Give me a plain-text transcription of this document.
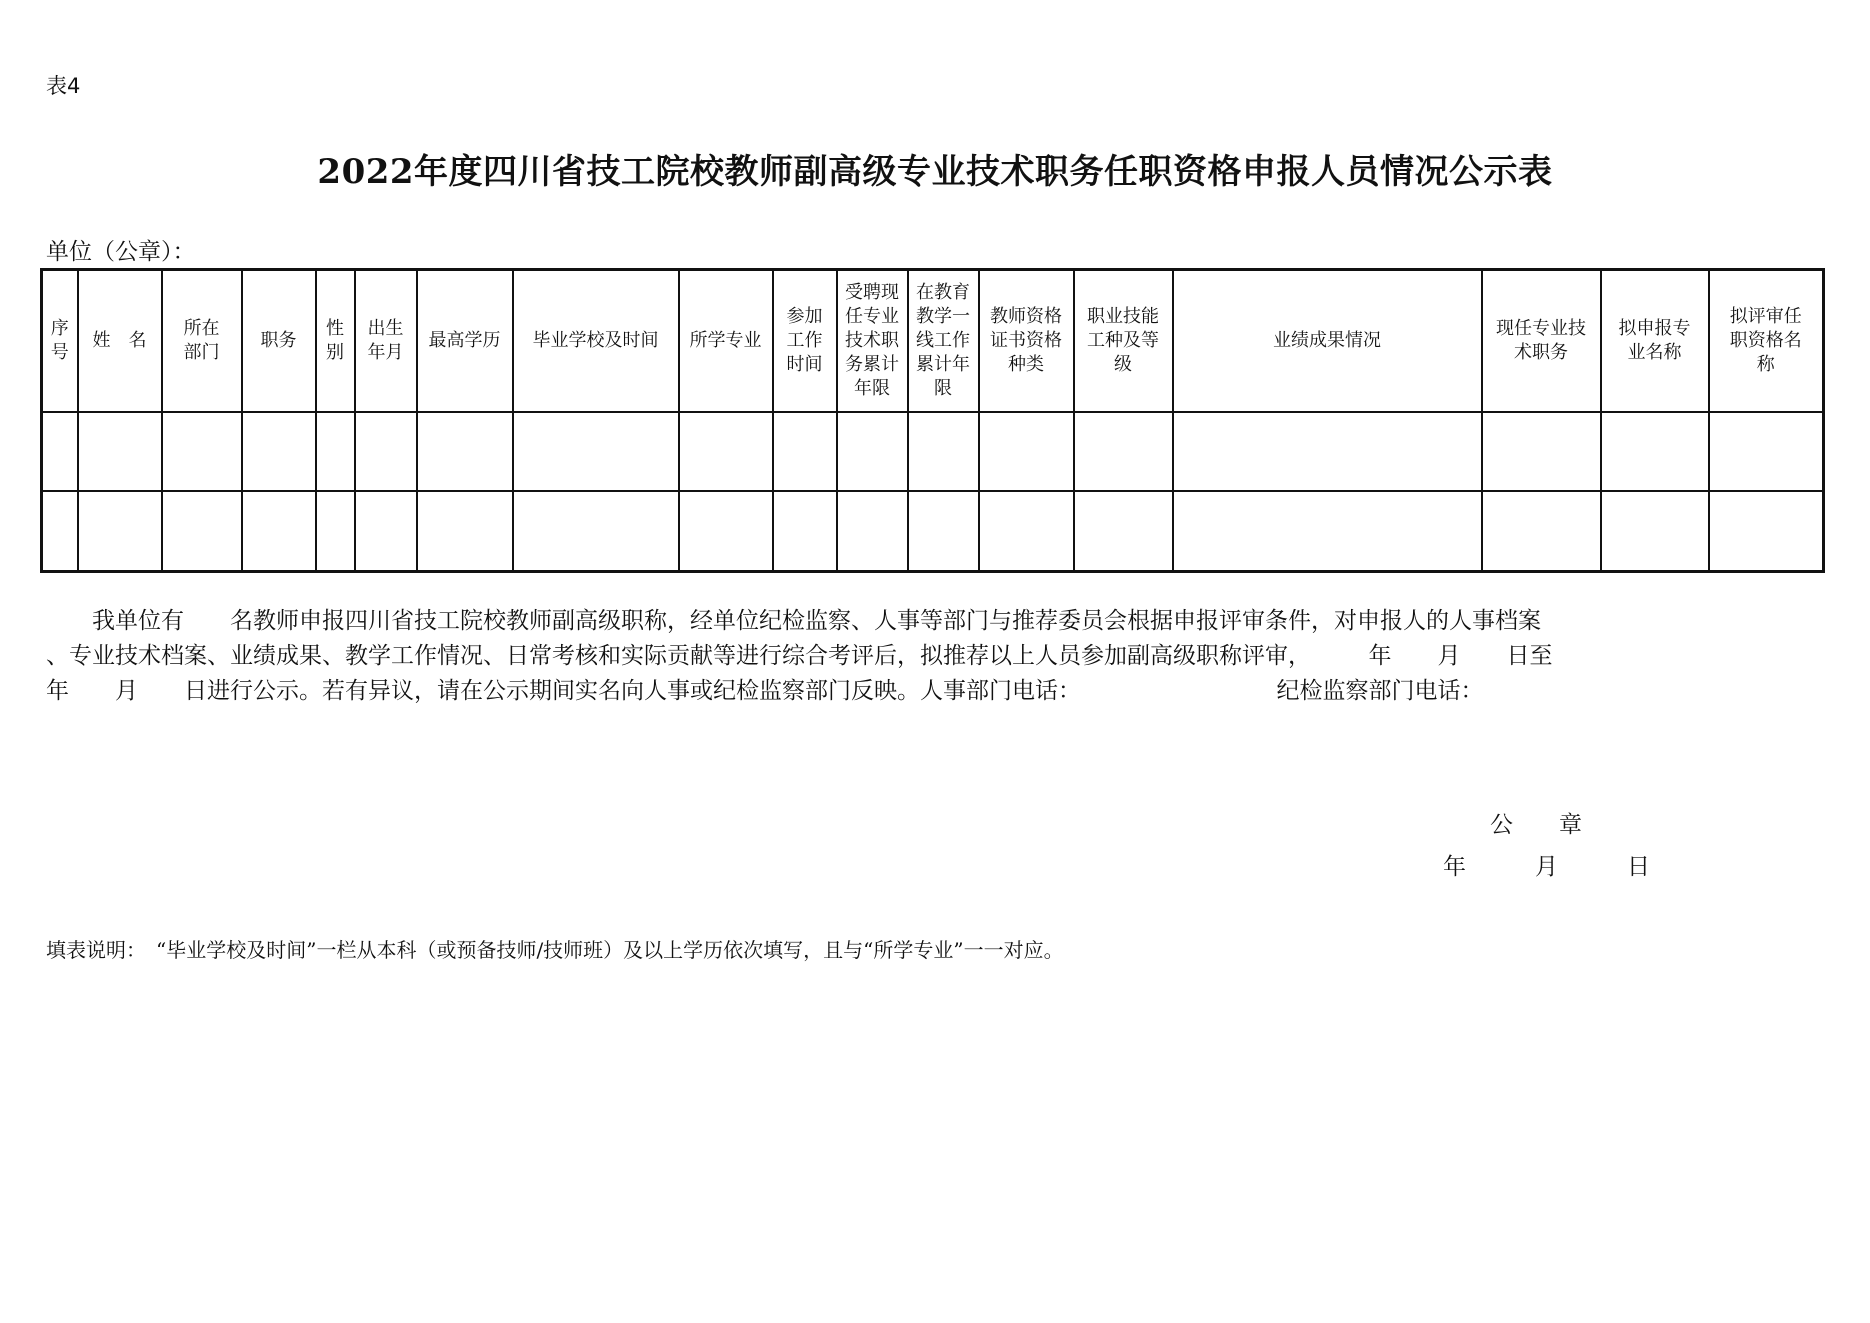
表4
2022年度四川省技工院校教师副高级专业技术职务任职资格申报人员情况公示表
单位（公章）：
序号	姓　名	所在部门	职务	性别	出生年月	最高学历	毕业学校及时间	所学专业	参加工作时间	受聘现任专业技术职务累计年限	在教育教学一线工作累计年限	教师资格证书资格种类	职业技能工种及等级	业绩成果情况	现任专业技术职务	拟申报专业名称	拟评审任职资格名称

　　我单位有　　名教师申报四川省技工院校教师副高级职称，经单位纪检监察、人事等部门与推荐委员会根据申报评审条件，对申报人的人事档案
、专业技术档案、业绩成果、教学工作情况、日常考核和实际贡献等进行综合考评后，拟推荐以上人员参加副高级职称评审，　　　年　　月　　日至
年　　月　　日进行公示。若有异议，请在公示期间实名向人事或纪检监察部门反映。人事部门电话：　　　　　　　　　纪检监察部门电话：
公　　章
年　　　月　　　日
填表说明：　“毕业学校及时间”一栏从本科（或预备技师/技师班）及以上学历依次填写，且与“所学专业”一一对应。
